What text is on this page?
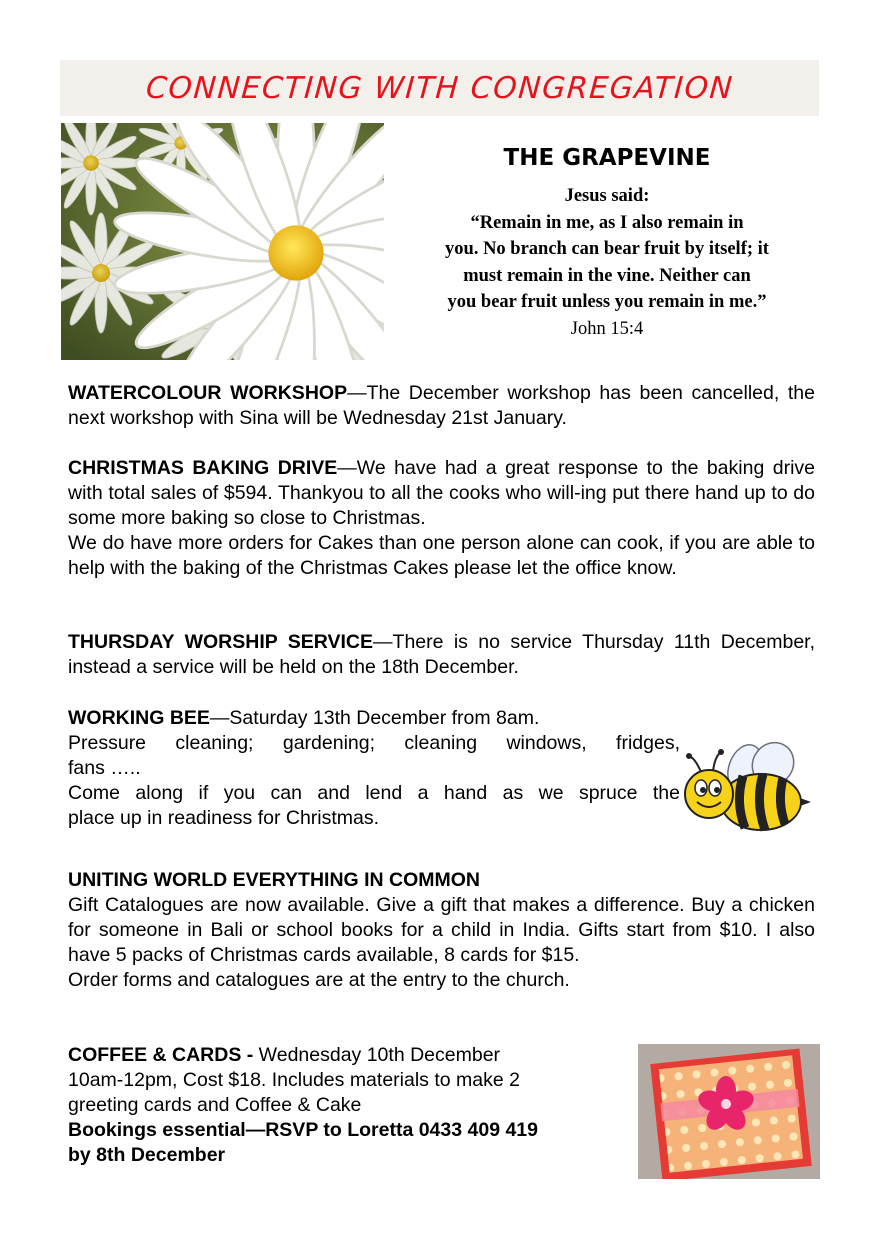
CONNECTING WITH CONGREGATION
THE GRAPEVINE
Jesus said:
“Remain in me, as I also remain in
you. No branch can bear fruit by itself; it
must remain in the vine. Neither can
you bear fruit unless you remain in me.”
John 15:4
WATERCOLOUR WORKSHOP—The December workshop has been cancelled, the next workshop with Sina will be Wednesday 21st January.
CHRISTMAS BAKING DRIVE—We have had a great response to the baking drive with total sales of $594. Thankyou to all the cooks who will-ing put there hand up to do some more baking so close to Christmas.
We do have more orders for Cakes than one person alone can cook, if you are able to help with the baking of the Christmas Cakes please let the office know.
THURSDAY WORSHIP SERVICE—There is no service Thursday 11th December, instead a service will be held on the 18th December.
WORKING BEE—Saturday 13th December from 8am.
Pressure cleaning; gardening; cleaning windows, fridges,
fans …..
Come along if you can and lend a hand as we spruce the
place up in readiness for Christmas.
UNITING WORLD EVERYTHING IN COMMON
Gift Catalogues are now available. Give a gift that makes a difference. Buy a chicken for someone in Bali or school books for a child in India. Gifts start from $10. I also have 5 packs of Christmas cards available, 8 cards for $15.
Order forms and catalogues are at the entry to the church.
COFFEE & CARDS - Wednesday 10th December
10am-12pm, Cost $18. Includes materials to make 2
greeting cards and Coffee & Cake
Bookings essential—RSVP to Loretta 0433 409 419
by 8th December
